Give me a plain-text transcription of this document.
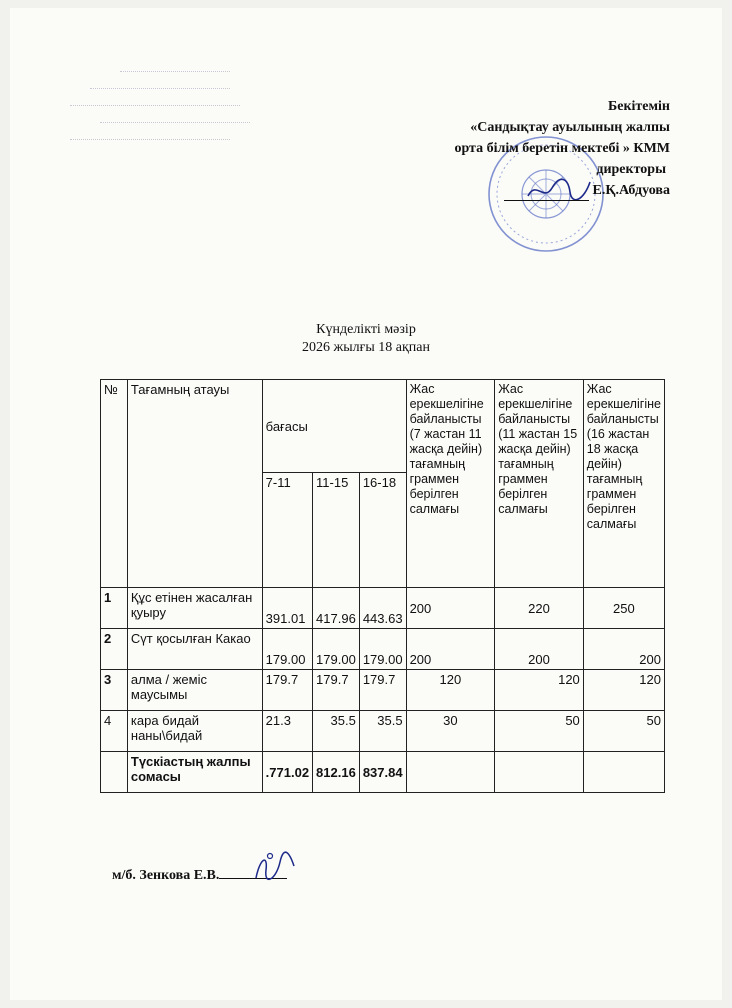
Бекітемін
«Сандықтау ауылының жалпы
орта білім беретін мектебі » КММ
директоры
Е.Қ.Абдуова
Күнделікті мәзір
2026 жылғы 18 ақпан
№	Тағамның атауы	бағасы			Жас ерекшелігіне байланысты (7 жастан 11 жасқа дейін) тағамның граммен берілген салмағы	Жас ерекшелігіне байланысты (11 жастан 15 жасқа дейін) тағамның граммен берілген салмағы	Жас ерекшелігіне байланысты (16 жастан 18 жасқа дейін) тағамның граммен берілген салмағы
		7-11	11-15	16-18			
1	Құс етінен жасалған қуыру	391.01	417.96	443.63	200	220	250
2	Сүт қосылған Какао	179.00	179.00	179.00	200	200	200
3	алма / жеміс маусымы	179.7	179.7	179.7	120	120	120
4	кара бидай наны\бидай	21.3	35.5	35.5	30	50	50
	Түскіастың жалпы сомасы	.771.02	812.16	837.84			
м/б. Зенкова Е.В.
